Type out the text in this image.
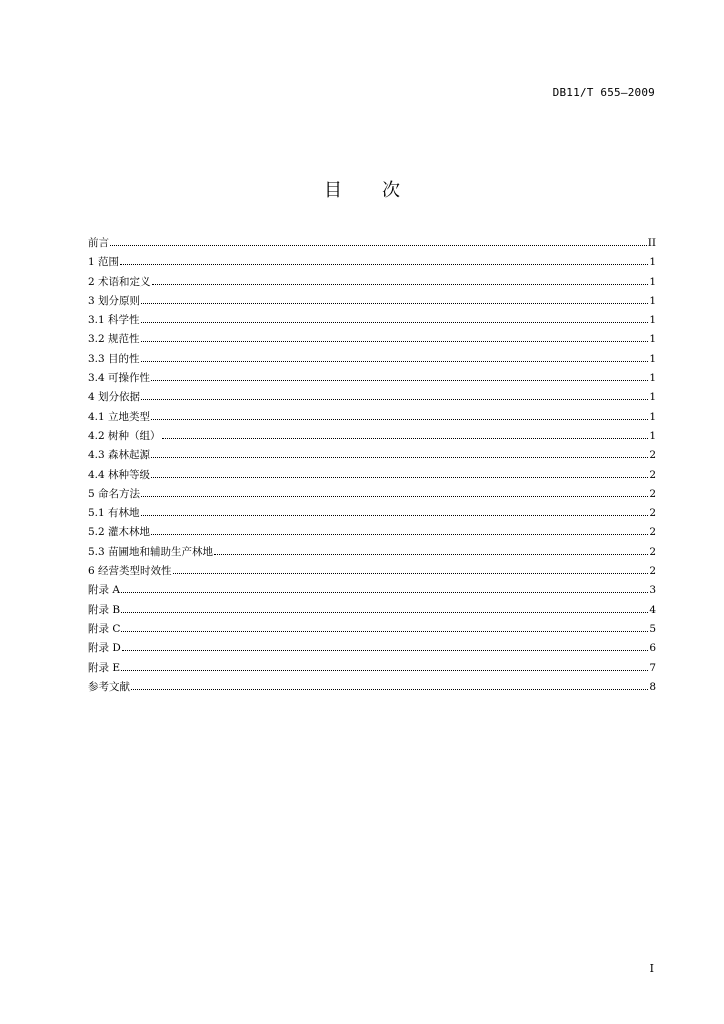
DB11/T 655—2009
目 次
前言	II
1 范围	1
2 术语和定义	1
3 划分原则	1
3.1 科学性	1
3.2 规范性	1
3.3 目的性	1
3.4 可操作性	1
4 划分依据	1
4.1 立地类型	1
4.2 树种（组）	1
4.3 森林起源	2
4.4 林种等级	2
5 命名方法	2
5.1 有林地	2
5.2 灌木林地	2
5.3 苗圃地和辅助生产林地	2
6 经营类型时效性	2
附录 A	3
附录 B	4
附录 C	5
附录 D	6
附录 E	7
参考文献	8
I
